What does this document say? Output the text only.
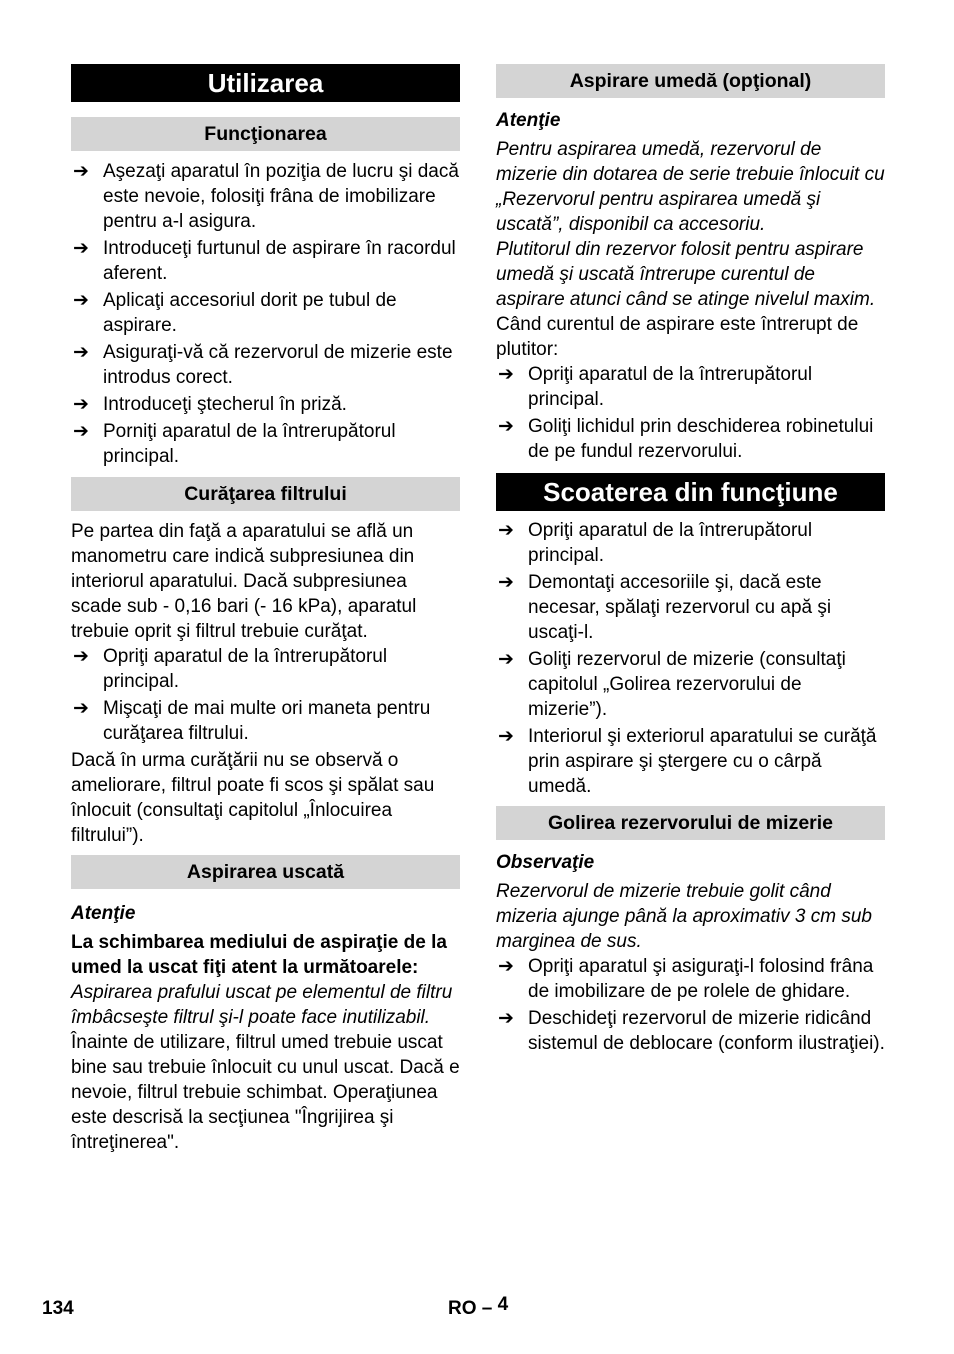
Utilizarea
Funcţionarea
➔ Aşezaţi aparatul în poziţia de lucru şi dacă este nevoie, folosiţi frâna de imobilizare pentru a-l asigura.
➔ Introduceţi furtunul de aspirare în racordul aferent.
➔ Aplicaţi accesoriul dorit pe tubul de aspirare.
➔ Asiguraţi-vă că rezervorul de mizerie este introdus corect.
➔ Introduceţi ştecherul în priză.
➔ Porniţi aparatul de la întrerupătorul principal.
Curăţarea filtrului

Pe partea din faţă a aparatului se află un manometru care indică subpresiunea din interiorul aparatului. Dacă subpresiunea scade sub - 0,16 bari (- 16 kPa), aparatul trebuie oprit şi filtrul trebuie curăţat.

➔ Opriţi aparatul de la întrerupătorul principal.
➔ Mişcaţi de mai multe ori maneta pentru curăţarea filtrului.

Dacă în urma curăţării nu se observă o ameliorare, filtrul poate fi scos şi spălat sau înlocuit (consultaţi capitolul „Înlocuirea filtrului”).

Aspirarea uscată

Atenţie

La schimbarea mediului de aspiraţie de la umed la uscat fiţi atent la următoarele:

Aspirarea prafului uscat pe elementul de filtru îmbâcseşte filtrul şi-l poate face inutilizabil.

Înainte de utilizare, filtrul umed trebuie uscat bine sau trebuie înlocuit cu unul uscat. Dacă e nevoie, filtrul trebuie schimbat. Operaţiunea este descrisă la secţiunea "Îngrijirea şi întreţinerea".

Aspirare umedă (opţional)

Atenţie

Pentru aspirarea umedă, rezervorul de mizerie din dotarea de serie trebuie înlocuit cu „Rezervorul pentru aspirarea umedă şi uscată”, disponibil ca accesoriu.

Plutitorul din rezervor folosit pentru aspirare umedă şi uscată întrerupe curentul de aspirare atunci când se atinge nivelul maxim.

Când curentul de aspirare este întrerupt de plutitor:

➔ Opriţi aparatul de la întrerupătorul principal.
➔ Goliţi lichidul prin deschiderea robinetului de pe fundul rezervorului.
Scoaterea din funcţiune
➔ Opriţi aparatul de la întrerupătorul principal.
➔ Demontaţi accesoriile şi, dacă este necesar, spălaţi rezervorul cu apă şi uscaţi-l.
➔ Goliţi rezervorul de mizerie (consultaţi capitolul „Golirea rezervorului de mizerie”).
➔ Interiorul şi exteriorul aparatului se curăţă prin aspirare şi ştergere cu o cârpă umedă.
Golirea rezervorului de mizerie

Observaţie

Rezervorul de mizerie trebuie golit când mizeria ajunge până la aproximativ 3 cm sub marginea de sus.

➔ Opriţi aparatul şi asiguraţi-l folosind frâna de imobilizare de pe rolele de ghidare.
➔ Deschideţi rezervorul de mizerie ridicând sistemul de deblocare (conform ilustraţiei).
134	RO – 4
